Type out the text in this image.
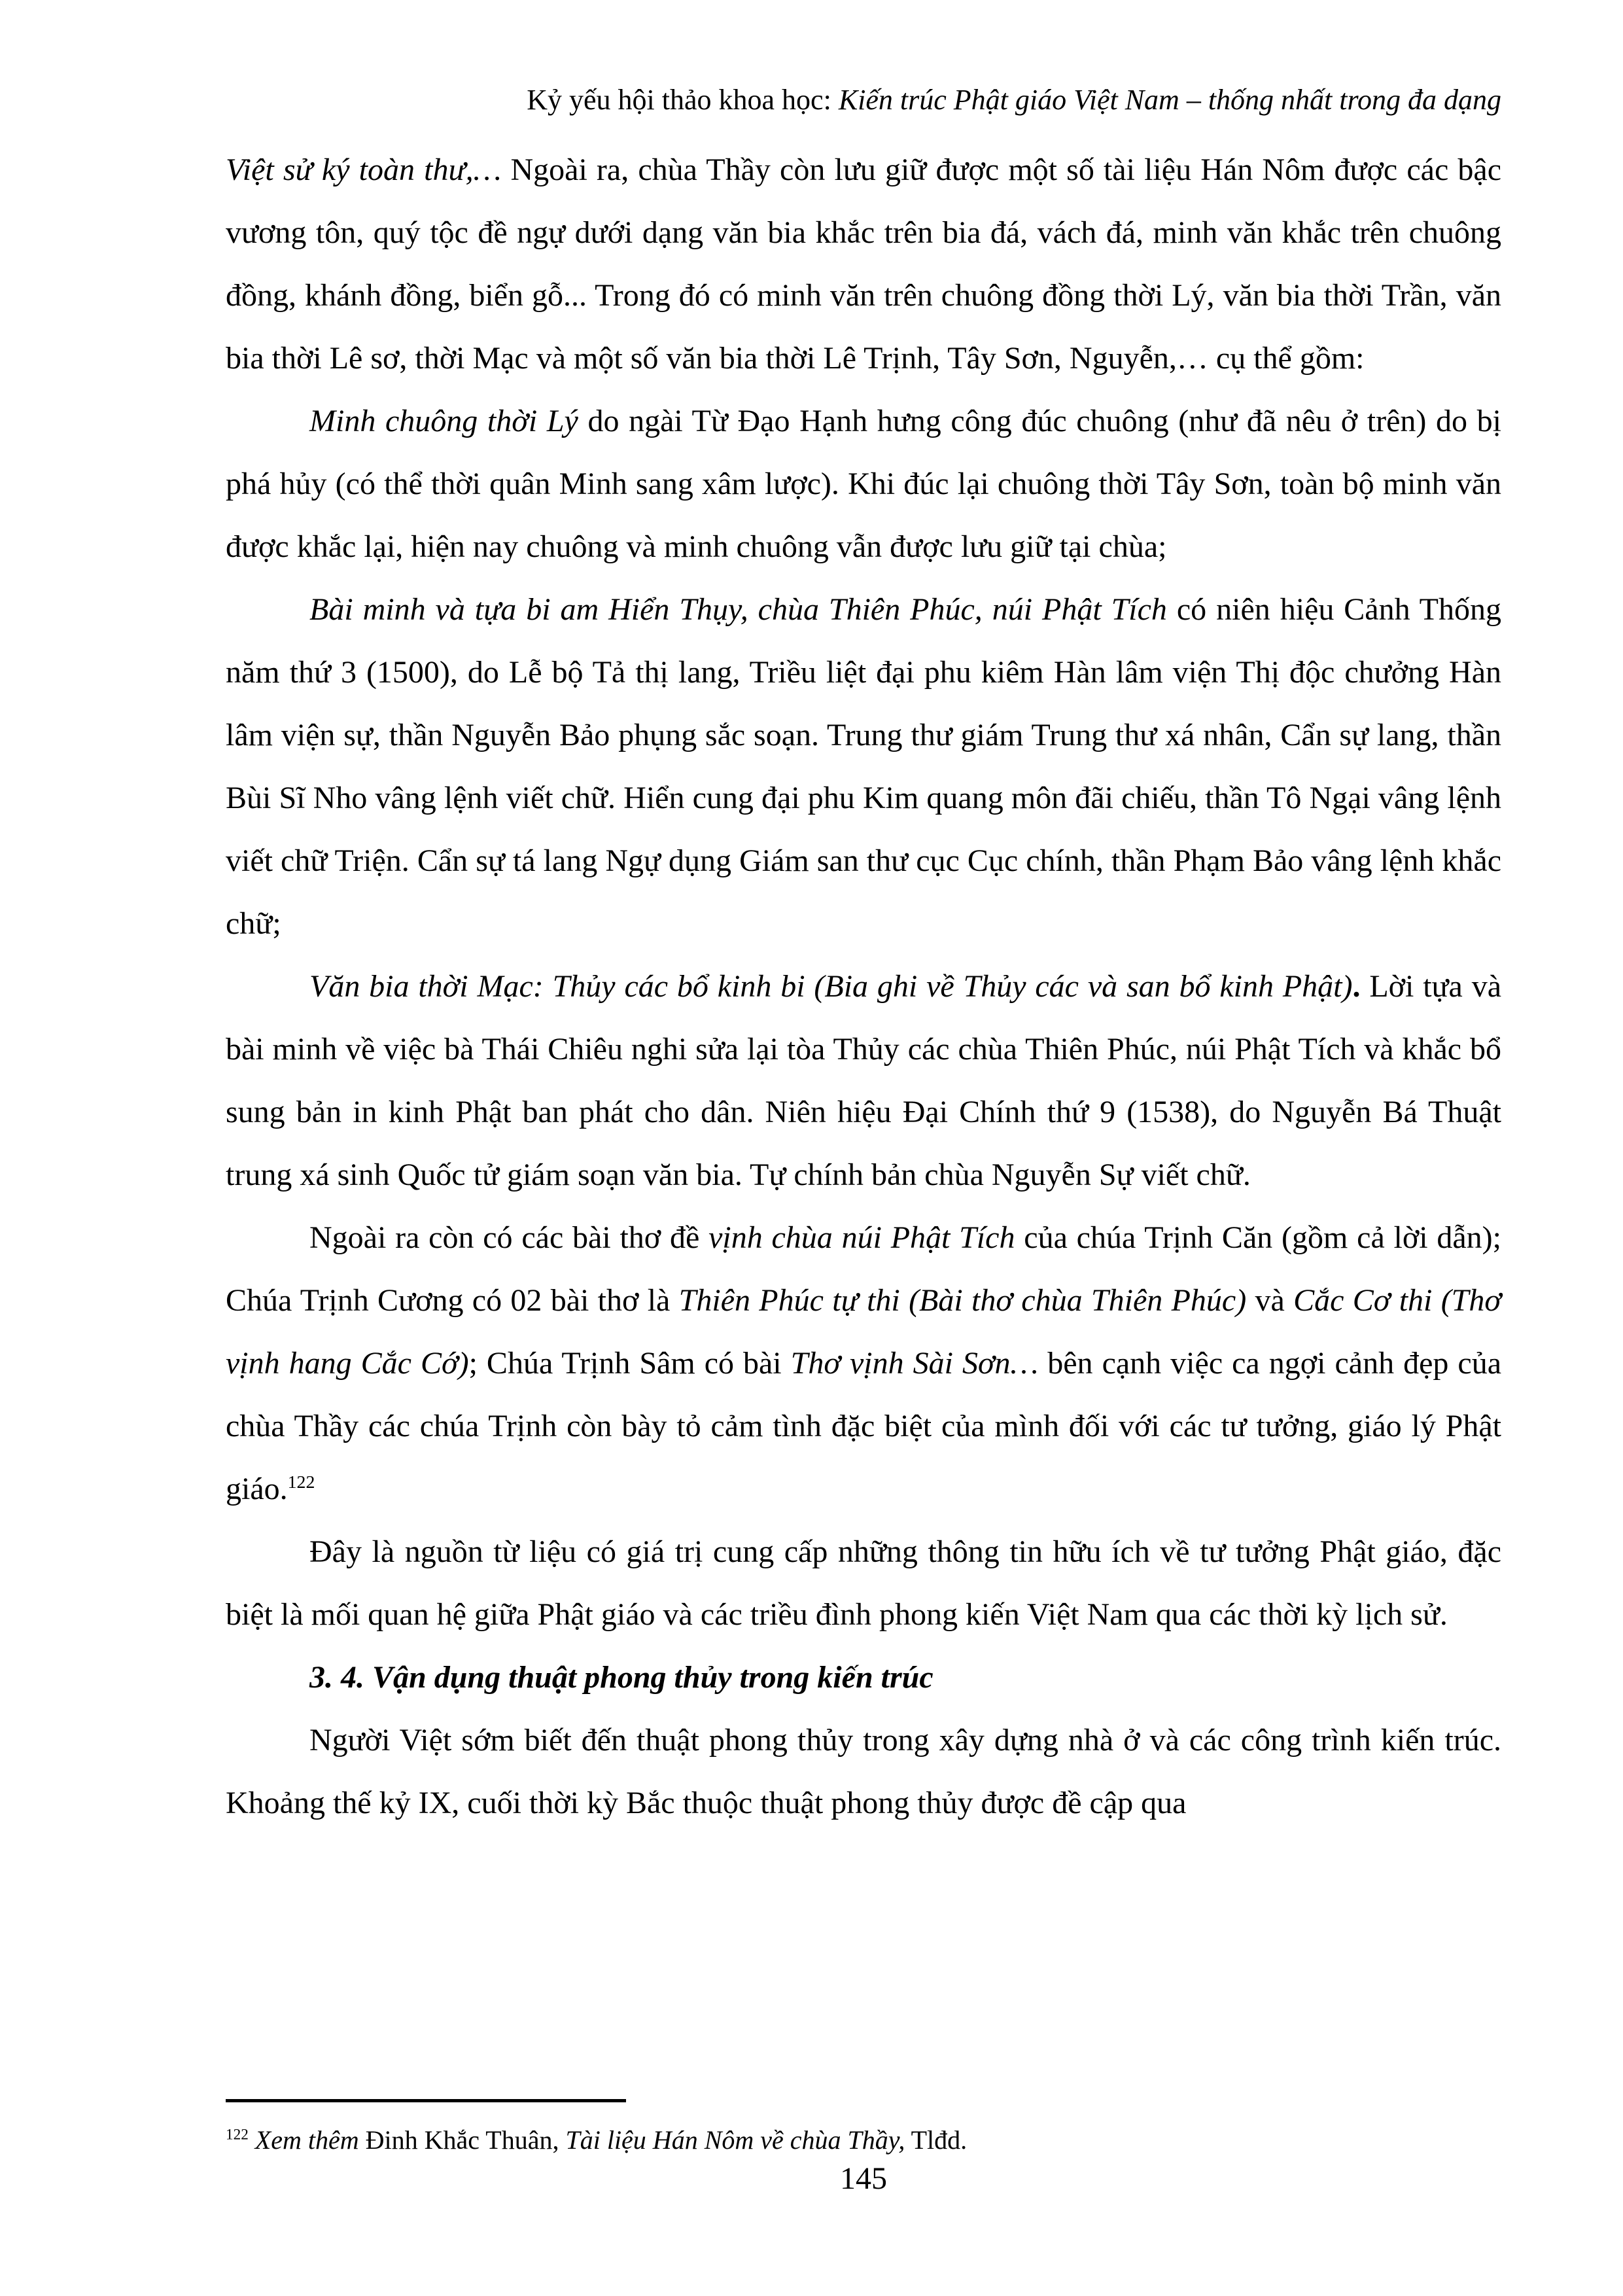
Kỷ yếu hội thảo khoa học: Kiến trúc Phật giáo Việt Nam – thống nhất trong đa dạng

Việt sử ký toàn thư,… Ngoài ra, chùa Thầy còn lưu giữ được một số tài liệu Hán Nôm được các bậc vương tôn, quý tộc đề ngự dưới dạng văn bia khắc trên bia đá, vách đá, minh văn khắc trên chuông đồng, khánh đồng, biển gỗ... Trong đó có minh văn trên chuông đồng thời Lý, văn bia thời Trần, văn bia thời Lê sơ, thời Mạc và một số văn bia thời Lê Trịnh, Tây Sơn, Nguyễn,… cụ thể gồm:

Minh chuông thời Lý do ngài Từ Đạo Hạnh hưng công đúc chuông (như đã nêu ở trên) do bị phá hủy (có thể thời quân Minh sang xâm lược). Khi đúc lại chuông thời Tây Sơn, toàn bộ minh văn được khắc lại, hiện nay chuông và minh chuông vẫn được lưu giữ tại chùa;

Bài minh và tựa bi am Hiển Thụy, chùa Thiên Phúc, núi Phật Tích có niên hiệu Cảnh Thống năm thứ 3 (1500), do Lễ bộ Tả thị lang, Triều liệt đại phu kiêm Hàn lâm viện Thị độc chưởng Hàn lâm viện sự, thần Nguyễn Bảo phụng sắc soạn. Trung thư giám Trung thư xá nhân, Cẩn sự lang, thần Bùi Sĩ Nho vâng lệnh viết chữ. Hiển cung đại phu Kim quang môn đãi chiếu, thần Tô Ngại vâng lệnh viết chữ Triện. Cẩn sự tá lang Ngự dụng Giám san thư cục Cục chính, thần Phạm Bảo vâng lệnh khắc chữ;

Văn bia thời Mạc: Thủy các bổ kinh bi (Bia ghi về Thủy các và san bổ kinh Phật). Lời tựa và bài minh về việc bà Thái Chiêu nghi sửa lại tòa Thủy các chùa Thiên Phúc, núi Phật Tích và khắc bổ sung bản in kinh Phật ban phát cho dân. Niên hiệu Đại Chính thứ 9 (1538), do Nguyễn Bá Thuật trung xá sinh Quốc tử giám soạn văn bia. Tự chính bản chùa Nguyễn Sự viết chữ.

Ngoài ra còn có các bài thơ đề vịnh chùa núi Phật Tích của chúa Trịnh Căn (gồm cả lời dẫn); Chúa Trịnh Cương có 02 bài thơ là Thiên Phúc tự thi (Bài thơ chùa Thiên Phúc) và Cắc Cơ thi (Thơ vịnh hang Cắc Cớ); Chúa Trịnh Sâm có bài Thơ vịnh Sài Sơn… bên cạnh việc ca ngợi cảnh đẹp của chùa Thầy các chúa Trịnh còn bày tỏ cảm tình đặc biệt của mình đối với các tư tưởng, giáo lý Phật giáo.$^{122}$

Đây là nguồn từ liệu có giá trị cung cấp những thông tin hữu ích về tư tưởng Phật giáo, đặc biệt là mối quan hệ giữa Phật giáo và các triều đình phong kiến Việt Nam qua các thời kỳ lịch sử.

3. 4. Vận dụng thuật phong thủy trong kiến trúc

Người Việt sớm biết đến thuật phong thủy trong xây dựng nhà ở và các công trình kiến trúc. Khoảng thế kỷ IX, cuối thời kỳ Bắc thuộc thuật phong thủy được đề cập qua

$^{122}$ Xem thêm Đinh Khắc Thuân, Tài liệu Hán Nôm về chùa Thầy, Tlđd.
145
